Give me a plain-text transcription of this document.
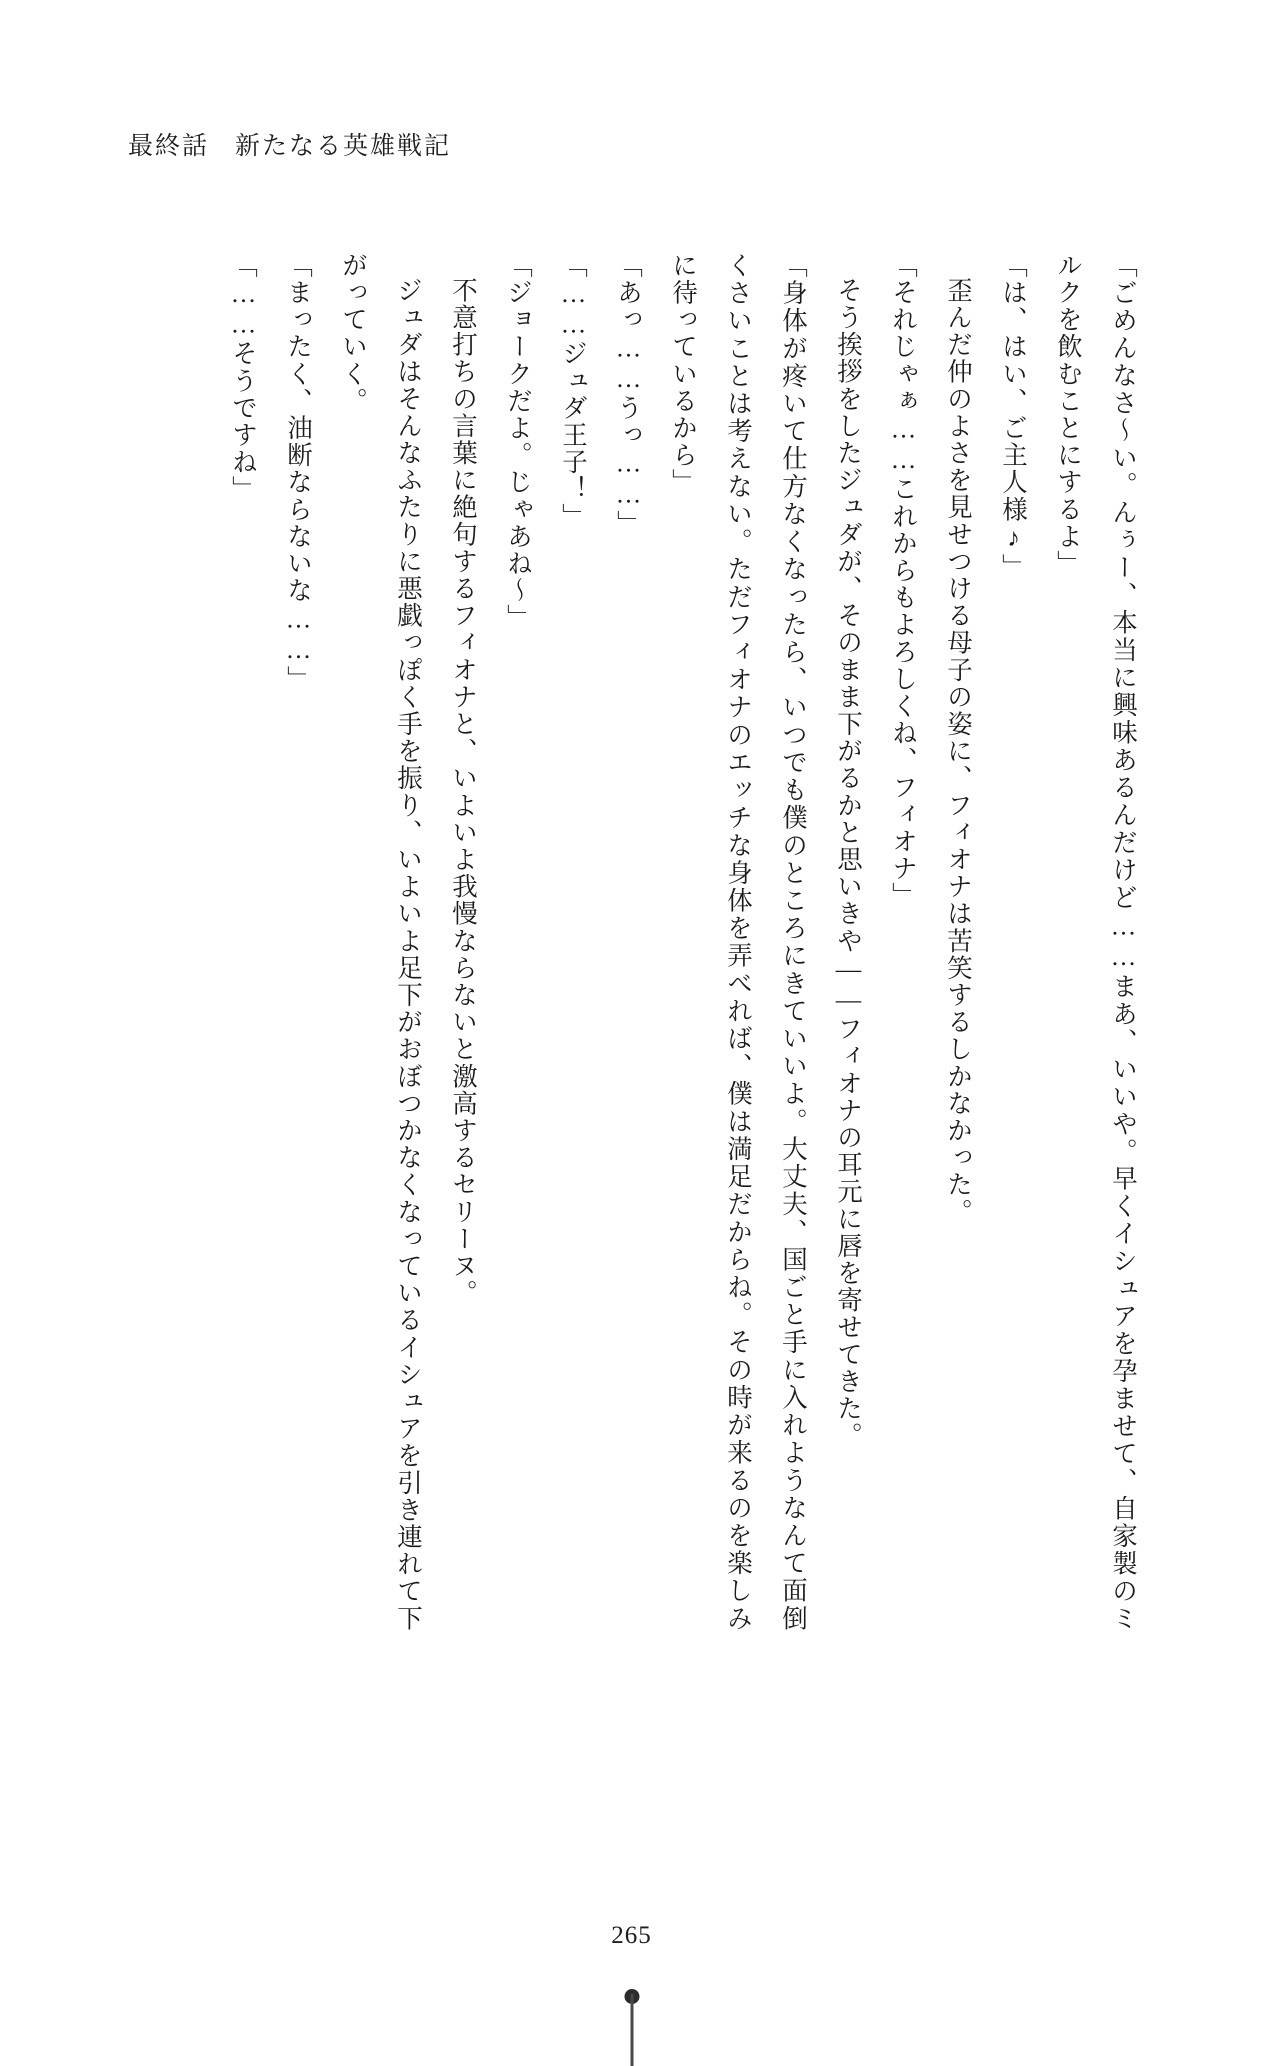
最終話 新たなる英雄戦記

「ごめんなさ～い。んぅー、本当に興味あるんだけど……まあ、いいや。早くイシュアを孕ませて、自家製のミルクを飲むことにするよ」

「は、はい、ご主人様♪」

歪んだ仲のよさを見せつける母子の姿に、フィオナは苦笑するしかなかった。

「それじゃぁ……これからもよろしくね、フィオナ」

そう挨拶をしたジュダが、そのまま下がるかと思いきや――フィオナの耳元に唇を寄せてきた。

「身体が疼いて仕方なくなったら、いつでも僕のところにきていいよ。大丈夫、国ごと手に入れようなんて面倒くさいことは考えない。ただフィオナのエッチな身体を弄べれば、僕は満足だからね。その時が来るのを楽しみに待っているから」

「あっ……うっ……」

「……ジュダ王子！」

「ジョークだよ。じゃあね～」

不意打ちの言葉に絶句するフィオナと、いよいよ我慢ならないと激高するセリーヌ。

ジュダはそんなふたりに悪戯っぽく手を振り、いよいよ足下がおぼつかなくなっているイシュアを引き連れて下がっていく。

「まったく、油断ならないな……」

「……そうですね」

265
